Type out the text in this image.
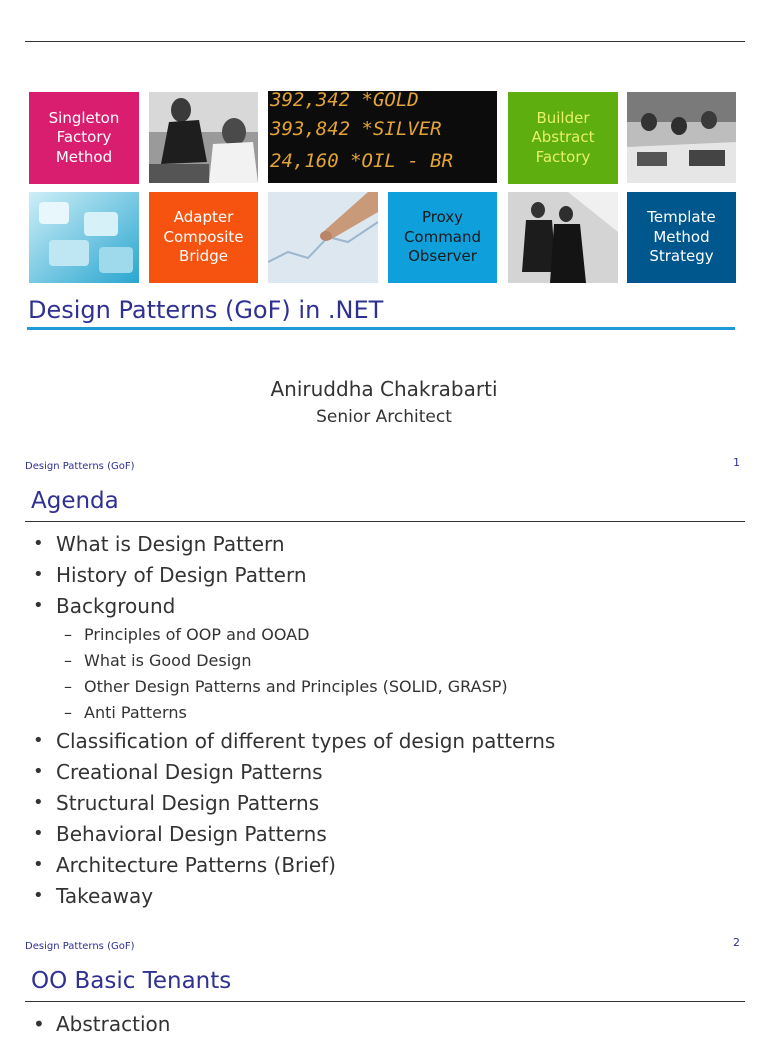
Singleton
Factory
Method
392,342 *GOLD
393,842 *SILVER
24,160 *OIL - BR
Builder
Abstract
Factory
Adapter
Composite
Bridge
Proxy
Command
Observer
Template
Method
Strategy
Design Patterns (GoF) in .NET
Aniruddha Chakrabarti
Senior Architect
Design Patterns (GoF)	1
Agenda
• What is Design Pattern
• History of Design Pattern
• Background
– Principles of OOP and OOAD
– What is Good Design
– Other Design Patterns and Principles (SOLID, GRASP)
– Anti Patterns
• Classification of different types of design patterns
• Creational Design Patterns
• Structural Design Patterns
• Behavioral Design Patterns
• Architecture Patterns (Brief)
• Takeaway
Design Patterns (GoF)	2
OO Basic Tenants
• Abstraction
